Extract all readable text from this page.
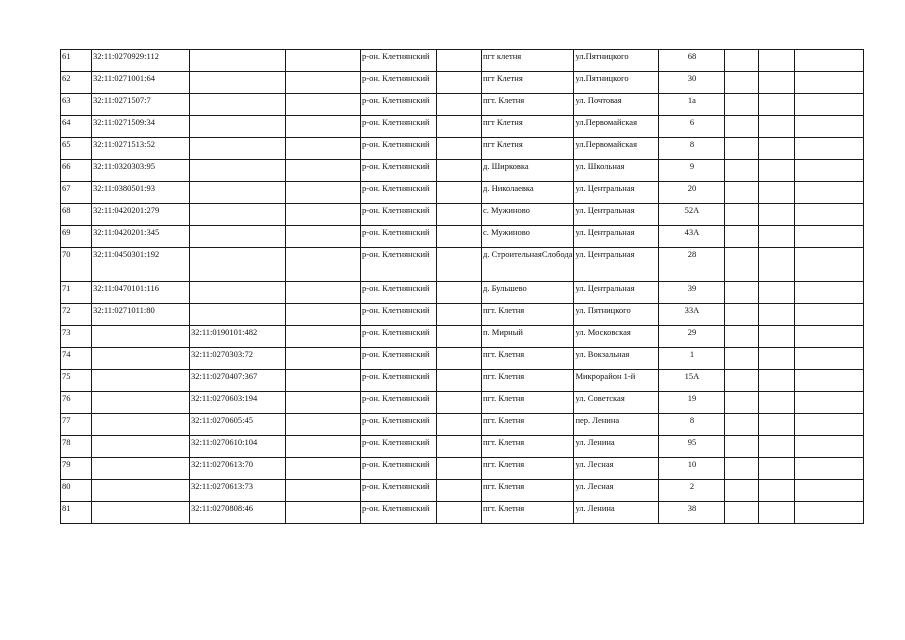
61	32:11:0270929:112			р-он. Клетнянский		пгт клетня	ул.Пятницкого	68			
62	32:11:0271001:64			р-он. Клетнянский		пгт Клетня	ул.Пятницкого	30			
63	32:11:0271507:7			р-он. Клетнянский		пгт. Клетня	ул. Почтовая	1а			
64	32:11:0271509:34			р-он. Клетнянский		пгт Клетня	ул.Первомайская	6			
65	32:11:0271513:52			р-он. Клетнянский		пгт Клетня	ул.Первомайская	8			
66	32:11:0320303:95			р-он. Клетнянский		д. Ширковка	ул. Школьная	9			
67	32:11:0380501:93			р-он. Клетнянский		д. Николаевка	ул. Центральная	20			
68	32:11:0420201:279			р-он. Клетнянский		с. Мужиново	ул. Центральная	52А			
69	32:11:0420201:345			р-он. Клетнянский		с. Мужиново	ул. Центральная	43А			
70	32:11:0450301:192			р-он. Клетнянский		д. СтроительнаяСлобода	ул. Центральная	28			
71	32:11:0470101:116			р-он. Клетнянский		д. Бульшево	ул. Центральная	39			
72	32:11:0271011:80			р-он. Клетнянский		пгт. Клетня	ул. Пятницкого	33А			
73		32:11:0190101:482		р-он. Клетнянский		п. Мирный	ул. Московская	29			
74		32:11:0270303:72		р-он. Клетнянский		пгт. Клетня	ул. Вокзальная	1			
75		32:11:0270407:367		р-он. Клетнянский		пгт. Клетня	Микрорайон 1-й	15А			
76		32:11:0270603:194		р-он. Клетнянский		пгт. Клетня	ул. Советская	19			
77		32:11:0270605:45		р-он. Клетнянский		пгт. Клетня	пер. Ленина	8			
78		32:11:0270610:104		р-он. Клетнянский		пгт. Клетня	ул. Ленина	95			
79		32:11:0270613:70		р-он. Клетнянский		пгт. Клетня	ул. Лесная	10			
80		32:11:0270613:73		р-он. Клетнянский		пгт. Клетня	ул. Лесная	2			
81		32:11:0270808:46		р-он. Клетнянский		пгт. Клетня	ул. Ленина	38			
